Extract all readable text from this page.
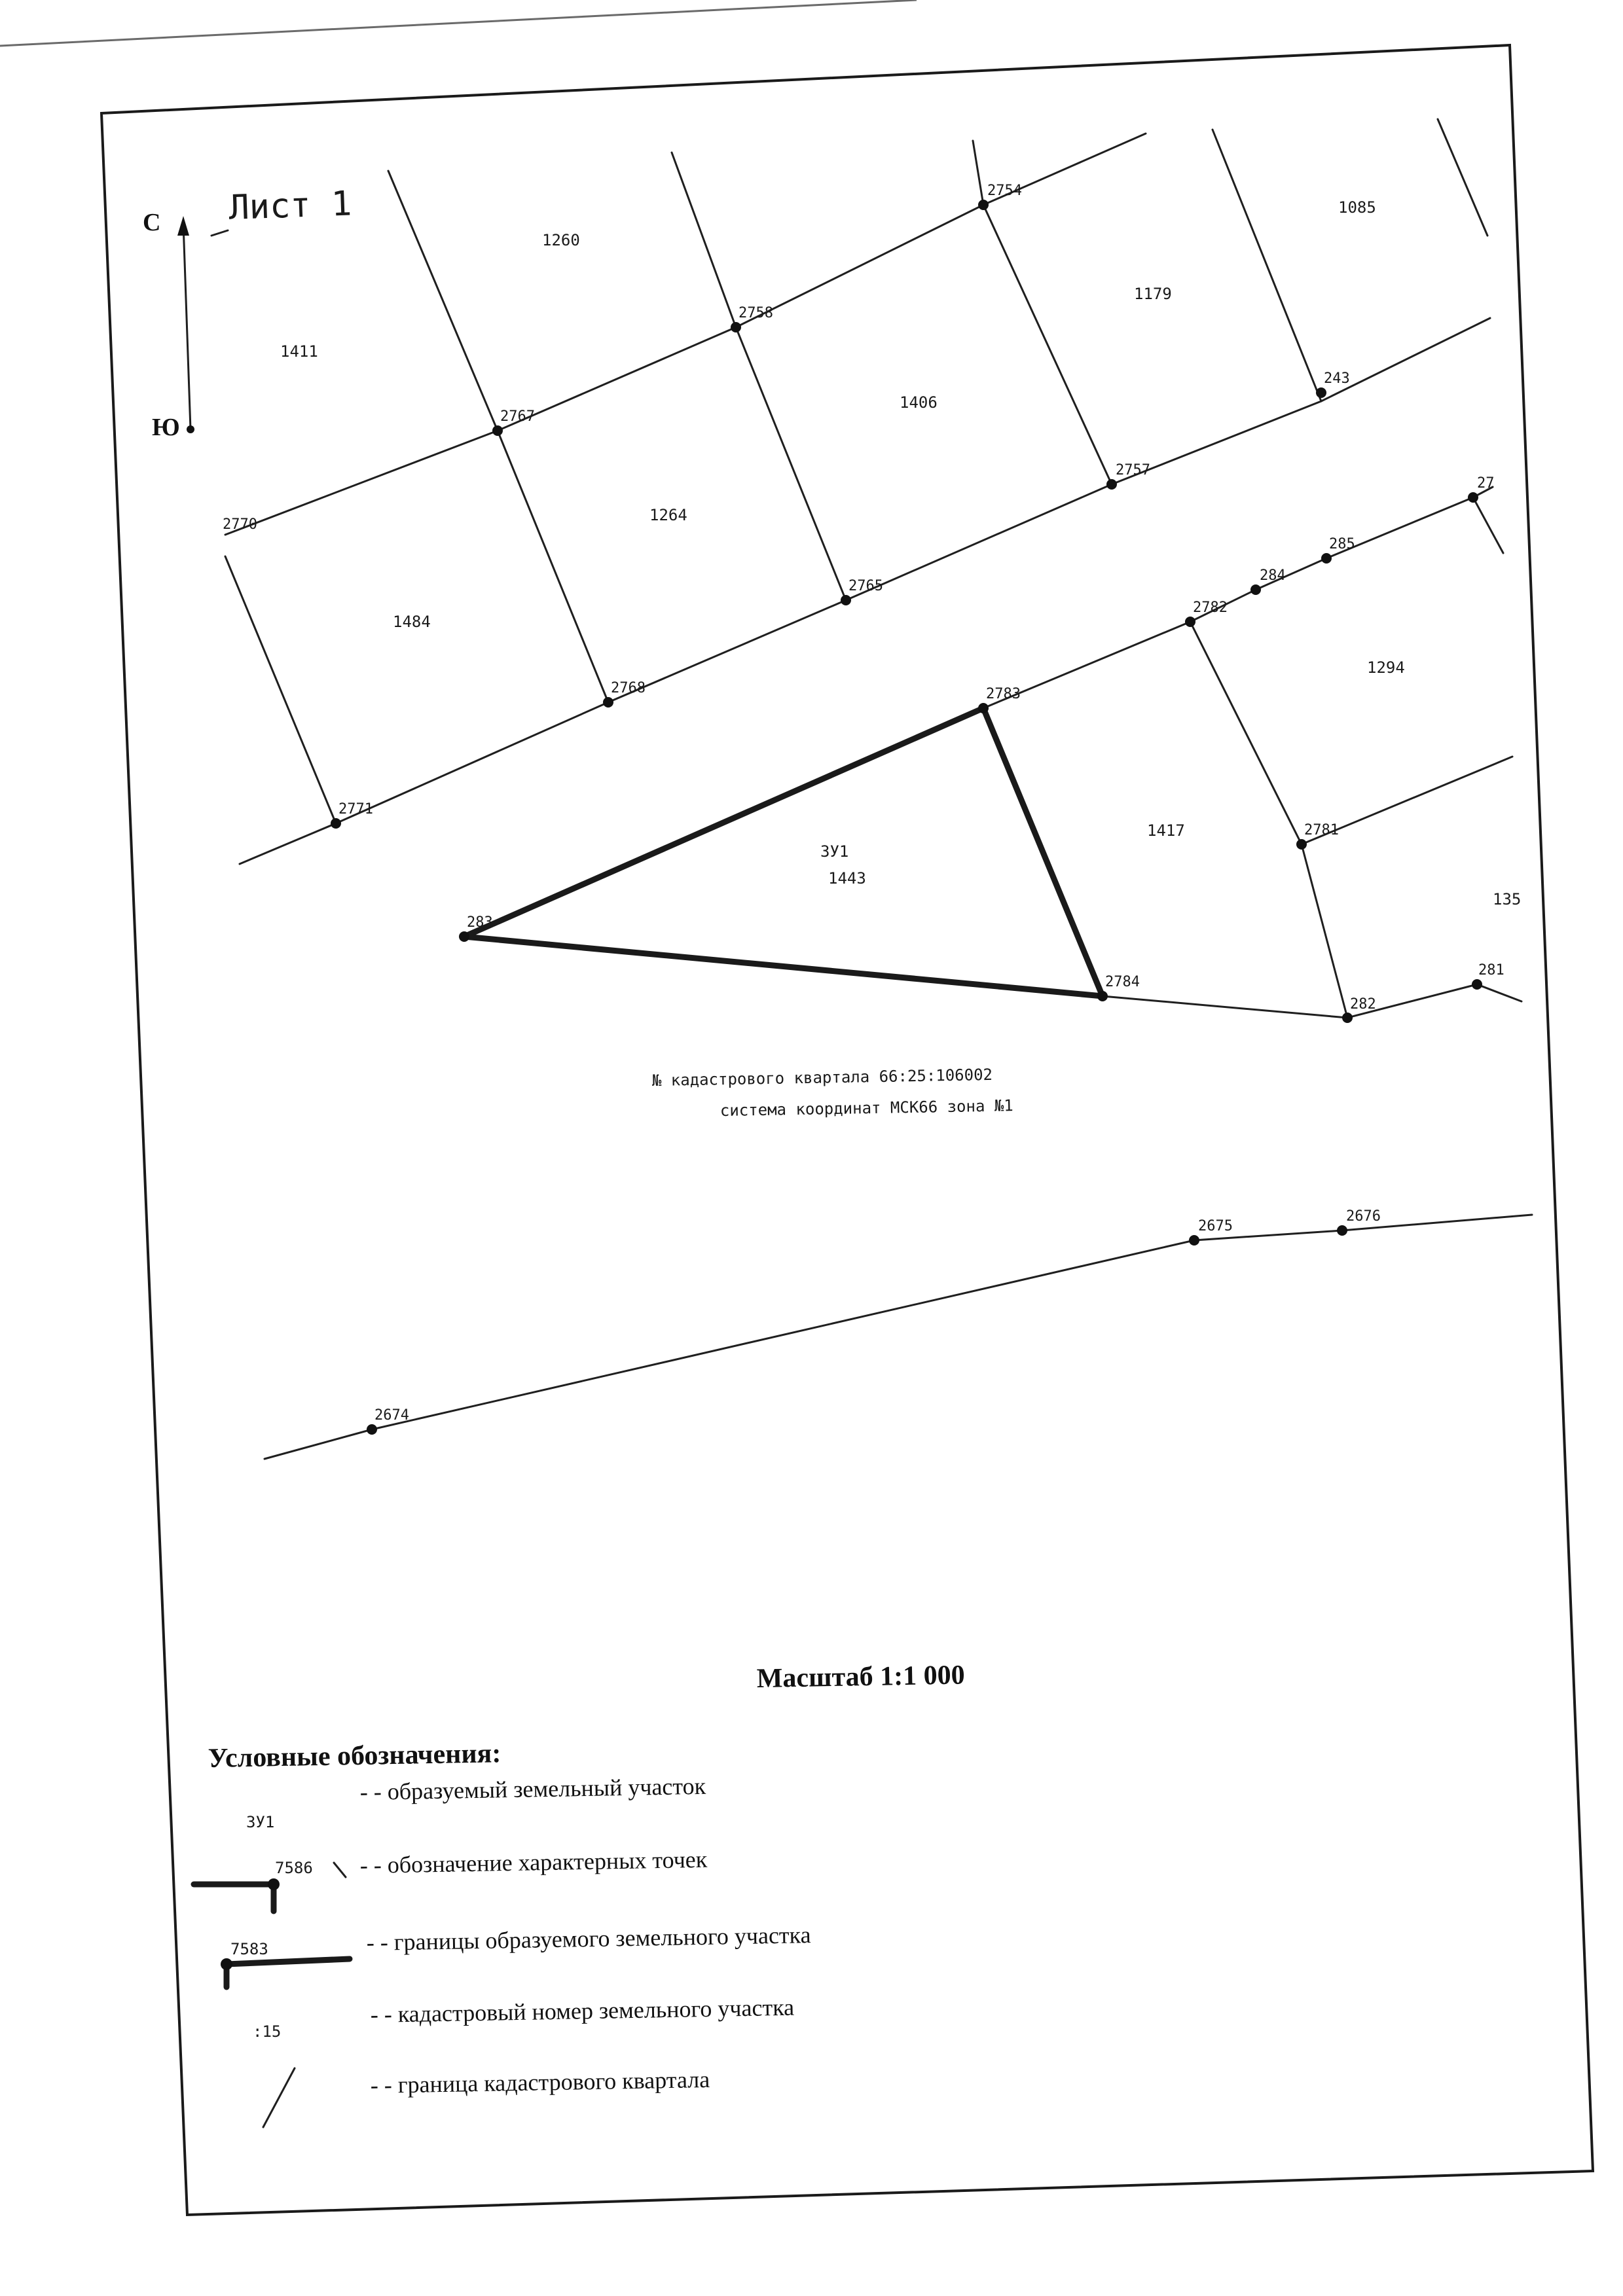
С
Ю
Лист 1	2754
2758
243
2767
2770
2757
27
285
284
2765
2782
2768	2783
2771
2781
283
2784
281
282
2675
2676
2674
1411
1260
1085
1179
1406
1264
1484
1294
1417
135
ЗУ1
1443
№ кадастрового квартала 66:25:106002
система координат МСК66 зона №1
Масштаб 1:1 000
Условные обозначения:
ЗУ1
- - образуемый земельный участок
7586 - - обозначение характерных точек
7583	- - границы образуемого земельного участка
:15
- - кадастровый номер земельного участка
- - граница кадастрового квартала
